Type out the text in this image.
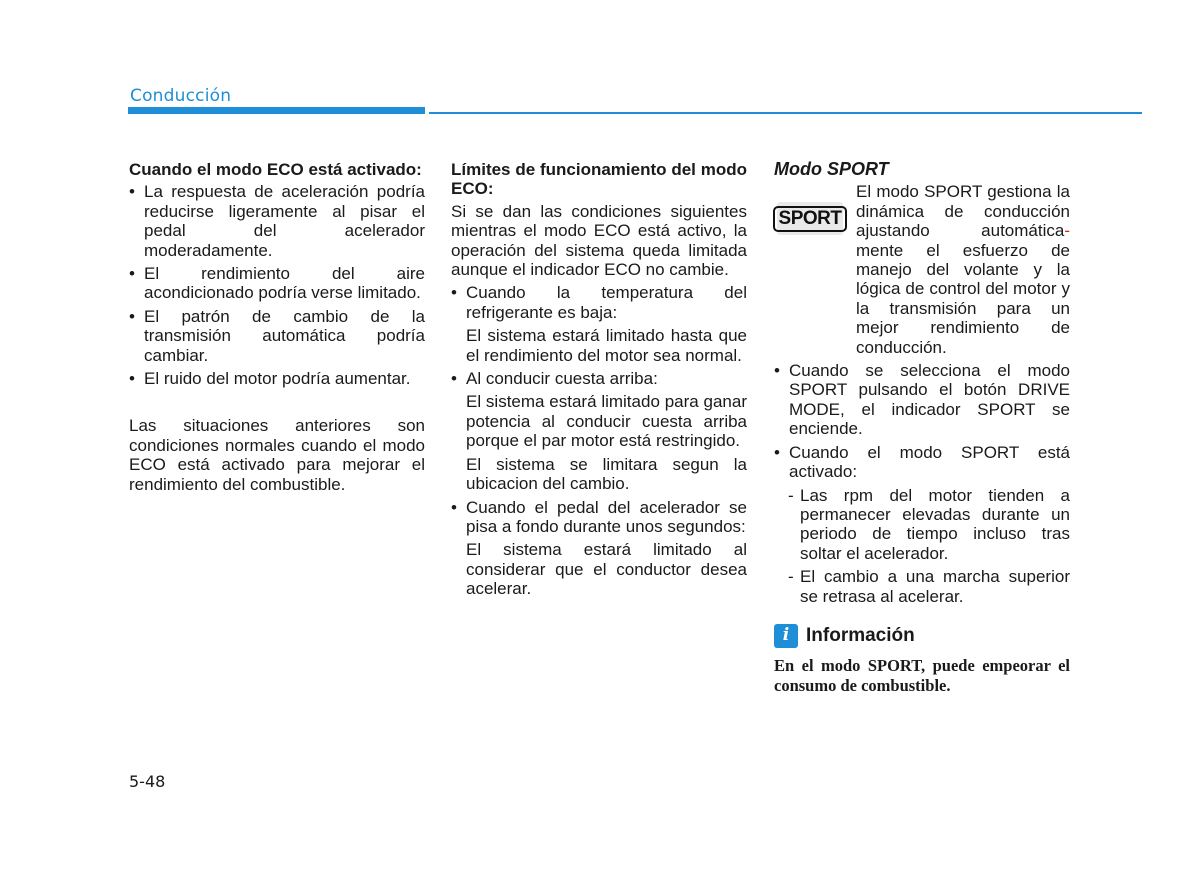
Conducción

Cuando el modo ECO está activado:

• La respuesta de aceleración podría reducirse ligeramente al pisar el pedal del acelerador moderadamente.
• El rendimiento del aire acondicionado podría verse limitado.
• El patrón de cambio de la transmisión automática podría cambiar.
• El ruido del motor podría aumentar.

Las situaciones anteriores son condiciones normales cuando el modo ECO está activado para mejorar el rendimiento del combustible.

Límites de funcionamiento del modo ECO:

Si se dan las condiciones siguientes mientras el modo ECO está activo, la operación del sistema queda limitada aunque el indicador ECO no cambie.

• Cuando la temperatura del refrigerante es baja:

El sistema estará limitado hasta que el rendimiento del motor sea normal.

• Al conducir cuesta arriba:

El sistema estará limitado para ganar potencia al conducir cuesta arriba porque el par motor está restringido.

El sistema se limitara segun la ubicacion del cambio.

• Cuando el pedal del acelerador se pisa a fondo durante unos segundos:

El sistema estará limitado al considerar que el conductor desea acelerar.

Modo SPORT

SPORT

El modo SPORT gestiona la dinámica de conducción ajustando automática- mente el esfuerzo de manejo del volante y la lógica de control del motor y la transmisión para un mejor rendimiento de conducción.

• Cuando se selecciona el modo SPORT pulsando el botón DRIVE MODE, el indicador SPORT se enciende.
• Cuando el modo SPORT está activado:

- Las rpm del motor tienden a permanecer elevadas durante un periodo de tiempo incluso tras soltar el acelerador.

- El cambio a una marcha superior se retrasa al acelerar.

i Información

En el modo SPORT, puede empeorar el consumo de combustible.

5-48
